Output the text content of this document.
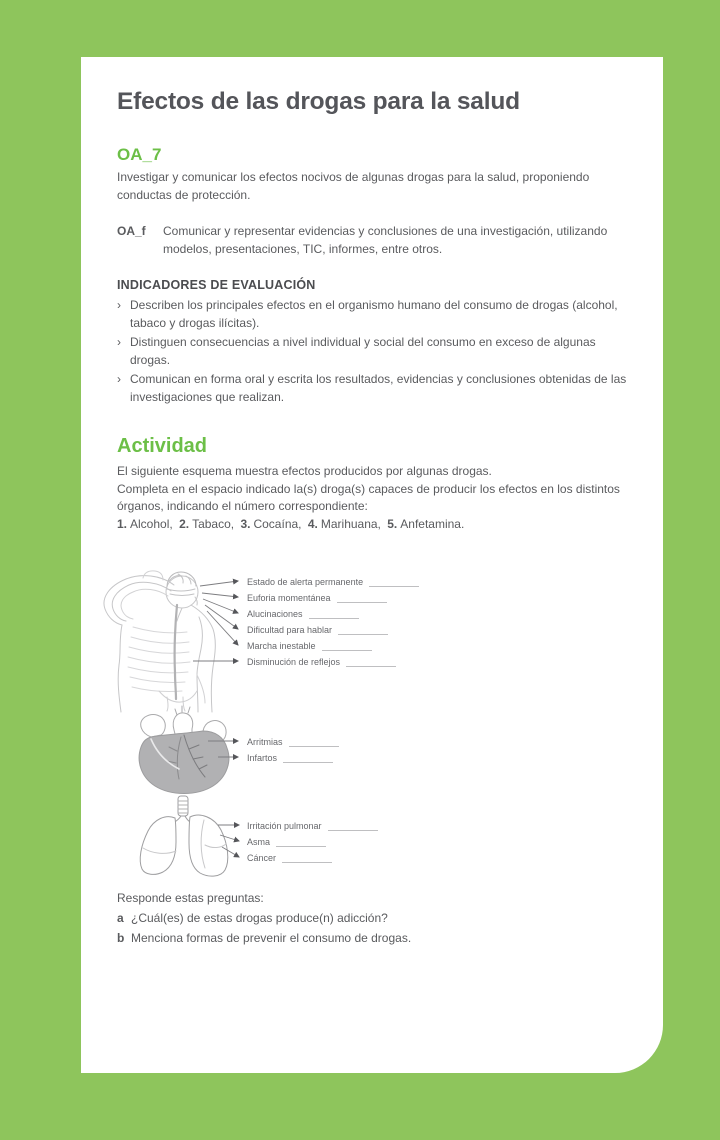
Efectos de las drogas para la salud
OA_7
Investigar y comunicar los efectos nocivos de algunas drogas para la salud, proponiendo conductas de protección.
OA_f	Comunicar y representar evidencias y conclusiones de una investigación, utilizando modelos, presentaciones, TIC, informes, entre otros.
INDICADORES DE EVALUACIÓN
› Describen los principales efectos en el organismo humano del consumo de drogas (alcohol, tabaco y drogas ilícitas).
› Distinguen consecuencias a nivel individual y social del consumo en exceso de algunas drogas.
› Comunican en forma oral y escrita los resultados, evidencias y conclusiones obtenidas de las investigaciones que realizan.
Actividad

El siguiente esquema muestra efectos producidos por algunas drogas.

Completa en el espacio indicado la(s) droga(s) capaces de producir los efectos en los distintos órganos, indicando el número correspondiente:

1. Alcohol, 2. Tabaco, 3. Cocaína, 4. Marihuana, 5. Anfetamina.

Estado de alerta permanente
Euforia momentánea
Alucinaciones
Dificultad para hablar
Marcha inestable
Disminución de reflejos
Arritmias
Infartos
Irritación pulmonar
Asma
Cáncer
Responde estas preguntas:
a ¿Cuál(es) de estas drogas produce(n) adicción?
b Menciona formas de prevenir el consumo de drogas.
